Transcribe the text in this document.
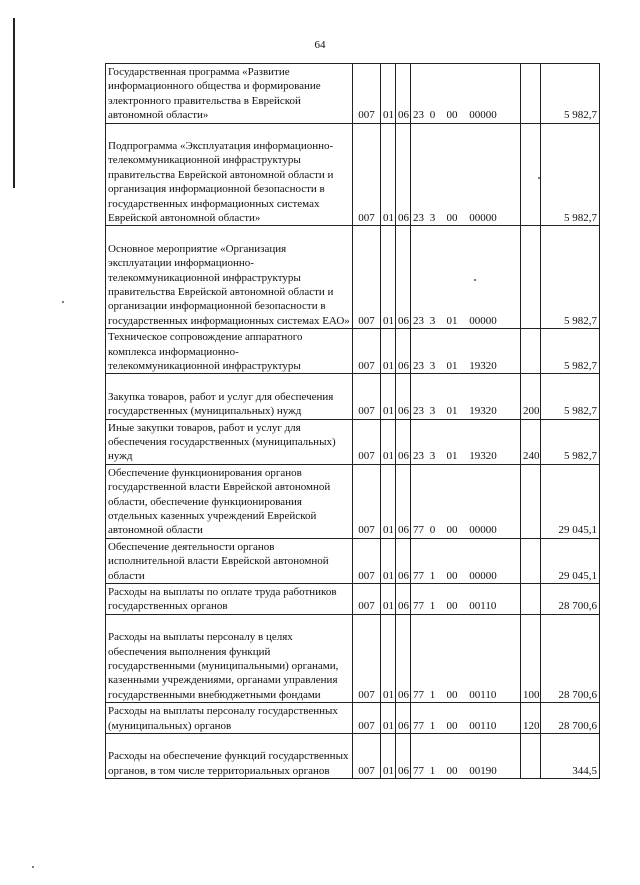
64
Государственная программа «Развитие информационного общества и формирование электронного правительства в Еврейской автономной области»	007	01	06	23 0 00 00000		5 982,7
Подпрограмма «Эксплуатация информационно-телекоммуникационной инфраструктуры правительства Еврейской автономной области и организация информационной безопасности в государственных информационных системах Еврейской автономной области»	007	01	06	23 3 00 00000		5 982,7
Основное мероприятие «Организация эксплуатации информационно-телекоммуникационной инфраструктуры правительства Еврейской автономной области и организации информационной безопасности в государственных информационных системах ЕАО»	007	01	06	23 3 01 00000		5 982,7
Техническое сопровождение аппаратного комплекса информационно-телекоммуникационной инфраструктуры	007	01	06	23 3 01 19320		5 982,7
Закупка товаров, работ и услуг для обеспечения государственных (муниципальных) нужд	007	01	06	23 3 01 19320	200	5 982,7
Иные закупки товаров, работ и услуг для обеспечения государственных (муниципальных) нужд	007	01	06	23 3 01 19320	240	5 982,7
Обеспечение функционирования органов государственной власти Еврейской автономной области, обеспечение функционирования отдельных казенных учреждений Еврейской автономной области	007	01	06	77 0 00 00000		29 045,1
Обеспечение деятельности органов исполнительной власти Еврейской автономной области	007	01	06	77 1 00 00000		29 045,1
Расходы на выплаты по оплате труда работников государственных органов	007	01	06	77 1 00 00110		28 700,6
Расходы на выплаты персоналу в целях обеспечения выполнения функций государственными (муниципальными) органами, казенными учреждениями, органами управления государственными внебюджетными фондами	007	01	06	77 1 00 00110	100	28 700,6
Расходы на выплаты персоналу государственных (муниципальных) органов	007	01	06	77 1 00 00110	120	28 700,6
Расходы на обеспечение функций государственных органов, в том числе территориальных органов	007	01	06	77 1 00 00190		344,5
